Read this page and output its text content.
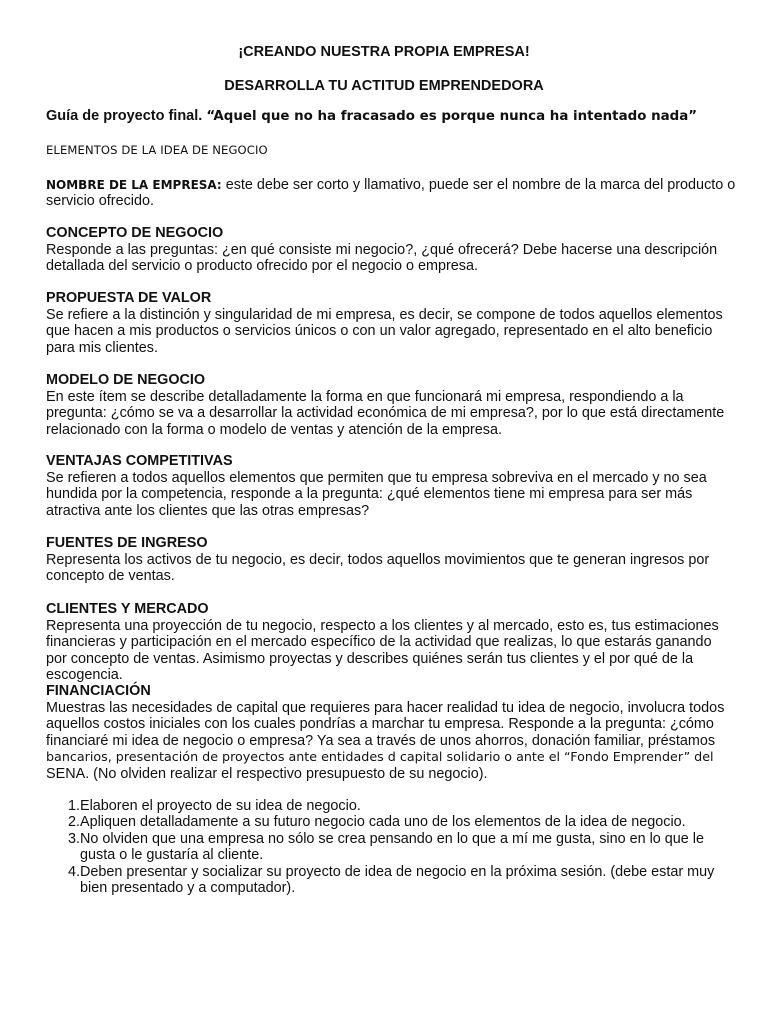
¡CREANDO NUESTRA PROPIA EMPRESA!
DESARROLLA TU ACTITUD EMPRENDEDORA
Guía de proyecto final. “Aquel que no ha fracasado es porque nunca ha intentado nada”
ELEMENTOS DE LA IDEA DE NEGOCIO
NOMBRE DE LA EMPRESA: este debe ser corto y llamativo, puede ser el nombre de la marca del producto o servicio ofrecido.
CONCEPTO DE NEGOCIO
Responde a las preguntas: ¿en qué consiste mi negocio?, ¿qué ofrecerá? Debe hacerse una descripción detallada del servicio o producto ofrecido por el negocio o empresa.
PROPUESTA DE VALOR
Se refiere a la distinción y singularidad de mi empresa, es decir, se compone de todos aquellos elementos que hacen a mis productos o servicios únicos o con un valor agregado, representado en el alto beneficio para mis clientes.
MODELO DE NEGOCIO
En este ítem se describe detalladamente la forma en que funcionará mi empresa, respondiendo a la pregunta: ¿cómo se va a desarrollar la actividad económica de mi empresa?, por lo que está directamente relacionado con la forma o modelo de ventas y atención de la empresa.
VENTAJAS COMPETITIVAS
Se refieren a todos aquellos elementos que permiten que tu empresa sobreviva en el mercado y no sea hundida por la competencia, responde a la pregunta: ¿qué elementos tiene mi empresa para ser más atractiva ante los clientes que las otras empresas?
FUENTES DE INGRESO
Representa los activos de tu negocio, es decir, todos aquellos movimientos que te generan ingresos por concepto de ventas.
CLIENTES Y MERCADO
Representa una proyección de tu negocio, respecto a los clientes y al mercado, esto es, tus estimaciones financieras y participación en el mercado específico de la actividad que realizas, lo que estarás ganando por concepto de ventas. Asimismo proyectas y describes quiénes serán tus clientes y el por qué de la escogencia.
FINANCIACIÓN
Muestras las necesidades de capital que requieres para hacer realidad tu idea de negocio, involucra todos aquellos costos iniciales con los cuales pondrías a marchar tu empresa. Responde a la pregunta: ¿cómo financiaré mi idea de negocio o empresa? Ya sea a través de unos ahorros, donación familiar, préstamos
bancarios, presentación de proyectos ante entidades d capital solidario o ante el “Fondo Emprender” del
SENA. (No olviden realizar el respectivo presupuesto de su negocio).
1 Elaboren el proyecto de su idea de negocio.
2 Apliquen detalladamente a su futuro negocio cada uno de los elementos de la idea de negocio.
3 No olviden que una empresa no sólo se crea pensando en lo que a mí me gusta, sino en lo que le gusta o le gustaría al cliente.
4 Deben presentar y socializar su proyecto de idea de negocio en la próxima sesión. (debe estar muy bien presentado y a computador).
